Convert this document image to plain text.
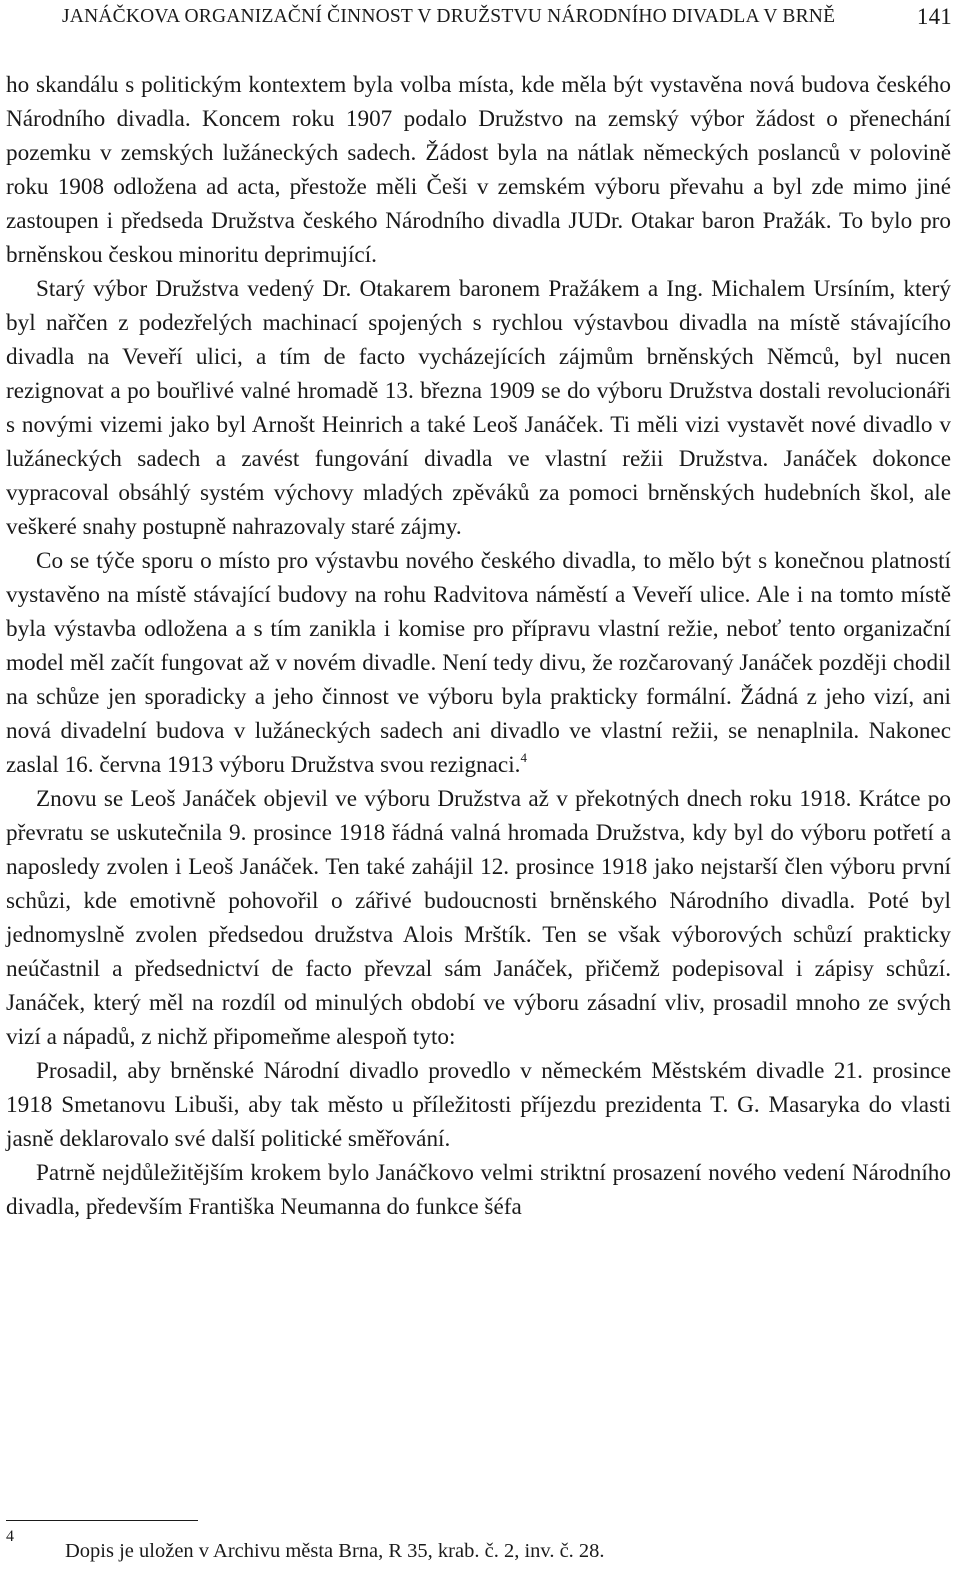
JANÁČKOVA ORGANIZAČNÍ ČINNOST V DRUŽSTVU NÁRODNÍHO DIVADLA V BRNĚ	141

ho skandálu s politickým kontextem byla volba místa, kde měla být vystavěna nová budova českého Národního divadla. Koncem roku 1907 podalo Družstvo na zemský výbor žádost o přenechání pozemku v zemských lužáneckých sadech. Žádost byla na nátlak německých poslanců v polovině roku 1908 odložena ad acta, přestože měli Češi v zemském výboru převahu a byl zde mimo jiné zastoupen i předseda Družstva českého Národního divadla JUDr. Otakar baron Pražák. To bylo pro brněnskou českou minoritu deprimující.

Starý výbor Družstva vedený Dr. Otakarem baronem Pražákem a Ing. Michalem Ursíním, který byl nařčen z podezřelých machinací spojených s rychlou výstavbou divadla na místě stávajícího divadla na Veveří ulici, a tím de facto vycházejících zájmům brněnských Němců, byl nucen rezignovat a po bouřlivé valné hromadě 13. března 1909 se do výboru Družstva dostali revolucionáři s novými vizemi jako byl Arnošt Heinrich a také Leoš Janáček. Ti měli vizi vystavět nové divadlo v lužáneckých sadech a zavést fungování divadla ve vlastní režii Družstva. Janáček dokonce vypracoval obsáhlý systém výchovy mladých zpěváků za pomoci brněnských hudebních škol, ale veškeré snahy postupně nahrazovaly staré zájmy.

Co se týče sporu o místo pro výstavbu nového českého divadla, to mělo být s konečnou platností vystavěno na místě stávající budovy na rohu Radvitova náměstí a Veveří ulice. Ale i na tomto místě byla výstavba odložena a s tím zanikla i komise pro přípravu vlastní režie, neboť tento organizační model měl začít fungovat až v novém divadle. Není tedy divu, že rozčarovaný Janáček později chodil na schůze jen sporadicky a jeho činnost ve výboru byla prakticky formální. Žádná z jeho vizí, ani nová divadelní budova v lužáneckých sadech ani divadlo ve vlastní režii, se nenaplnila. Nakonec zaslal 16. června 1913 výboru Družstva svou rezignaci.$^4$

Znovu se Leoš Janáček objevil ve výboru Družstva až v překotných dnech roku 1918. Krátce po převratu se uskutečnila 9. prosince 1918 řádná valná hromada Družstva, kdy byl do výboru potřetí a naposledy zvolen i Leoš Janáček. Ten také zahájil 12. prosince 1918 jako nejstarší člen výboru první schůzi, kde emotivně pohovořil o zářivé budoucnosti brněnského Národního divadla. Poté byl jednomyslně zvolen předsedou družstva Alois Mrštík. Ten se však výborových schůzí prakticky neúčastnil a předsednictví de facto převzal sám Janáček, přičemž podepisoval i zápisy schůzí. Janáček, který měl na rozdíl od minulých období ve výboru zásadní vliv, prosadil mnoho ze svých vizí a nápadů, z nichž připomeňme alespoň tyto:

Prosadil, aby brněnské Národní divadlo provedlo v německém Městském divadle 21. prosince 1918 Smetanovu Libuši, aby tak město u příležitosti příjezdu prezidenta T. G. Masaryka do vlasti jasně deklarovalo své další politické směřování.

Patrně nejdůležitějším krokem bylo Janáčkovo velmi striktní prosazení nového vedení Národního divadla, především Františka Neumanna do funkce šéfa

4
Dopis je uložen v Archivu města Brna, R 35, krab. č. 2, inv. č. 28.
